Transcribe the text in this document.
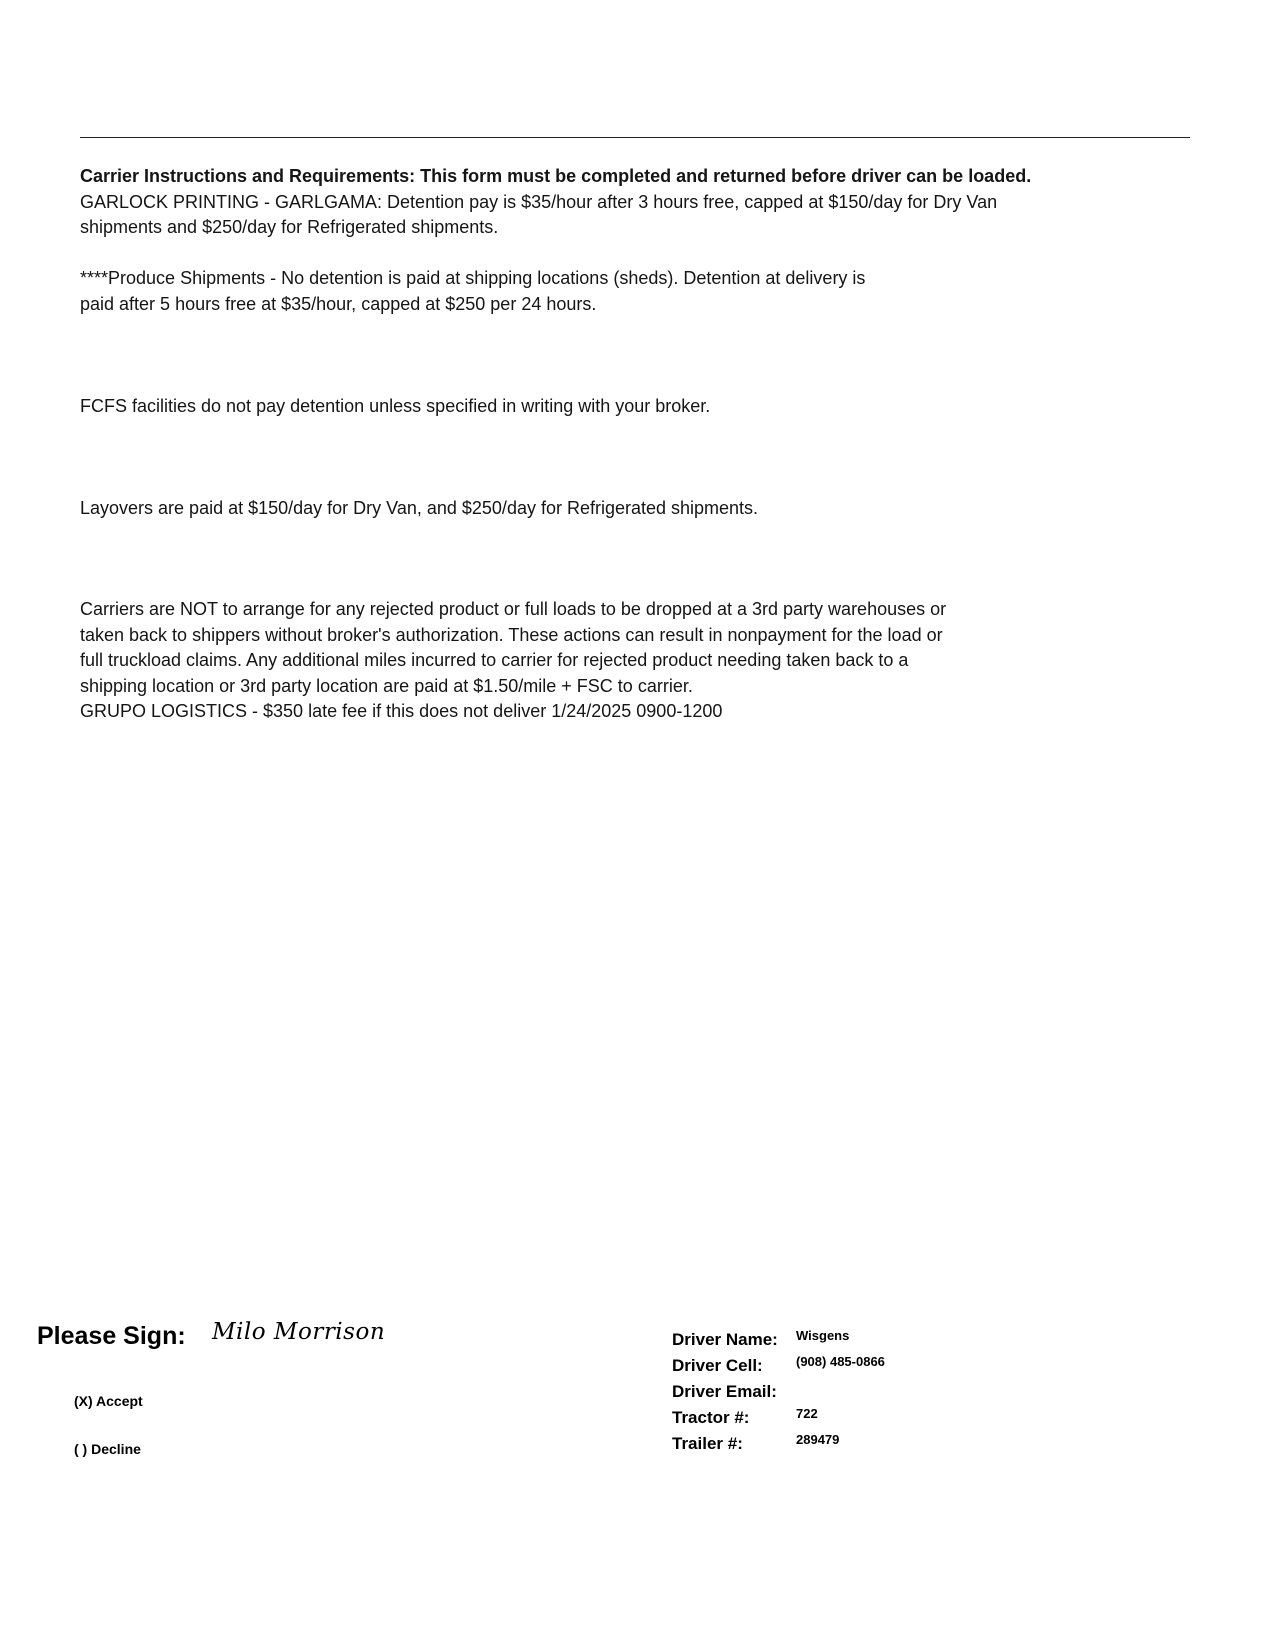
Carrier Instructions and Requirements: This form must be completed and returned before driver can be loaded.
GARLOCK PRINTING - GARLGAMA: Detention pay is $35/hour after 3 hours free, capped at $150/day for Dry Van
shipments and $250/day for Refrigerated shipments.
****Produce Shipments - No detention is paid at shipping locations (sheds). Detention at delivery is
paid after 5 hours free at $35/hour, capped at $250 per 24 hours.
FCFS facilities do not pay detention unless specified in writing with your broker.
Layovers are paid at $150/day for Dry Van, and $250/day for Refrigerated shipments.
Carriers are NOT to arrange for any rejected product or full loads to be dropped at a 3rd party warehouses or
taken back to shippers without broker's authorization. These actions can result in nonpayment for the load or
full truckload claims. Any additional miles incurred to carrier for rejected product needing taken back to a
shipping location or 3rd party location are paid at $1.50/mile + FSC to carrier.
GRUPO LOGISTICS - $350 late fee if this does not deliver 1/24/2025 0900-1200
Please Sign: Milo Morrison
(X) Accept
( ) Decline
Driver Name: Wisgens
Driver Cell:	(908) 485-0866
Driver Email:
Tractor #:	722
Trailer #:	289479
